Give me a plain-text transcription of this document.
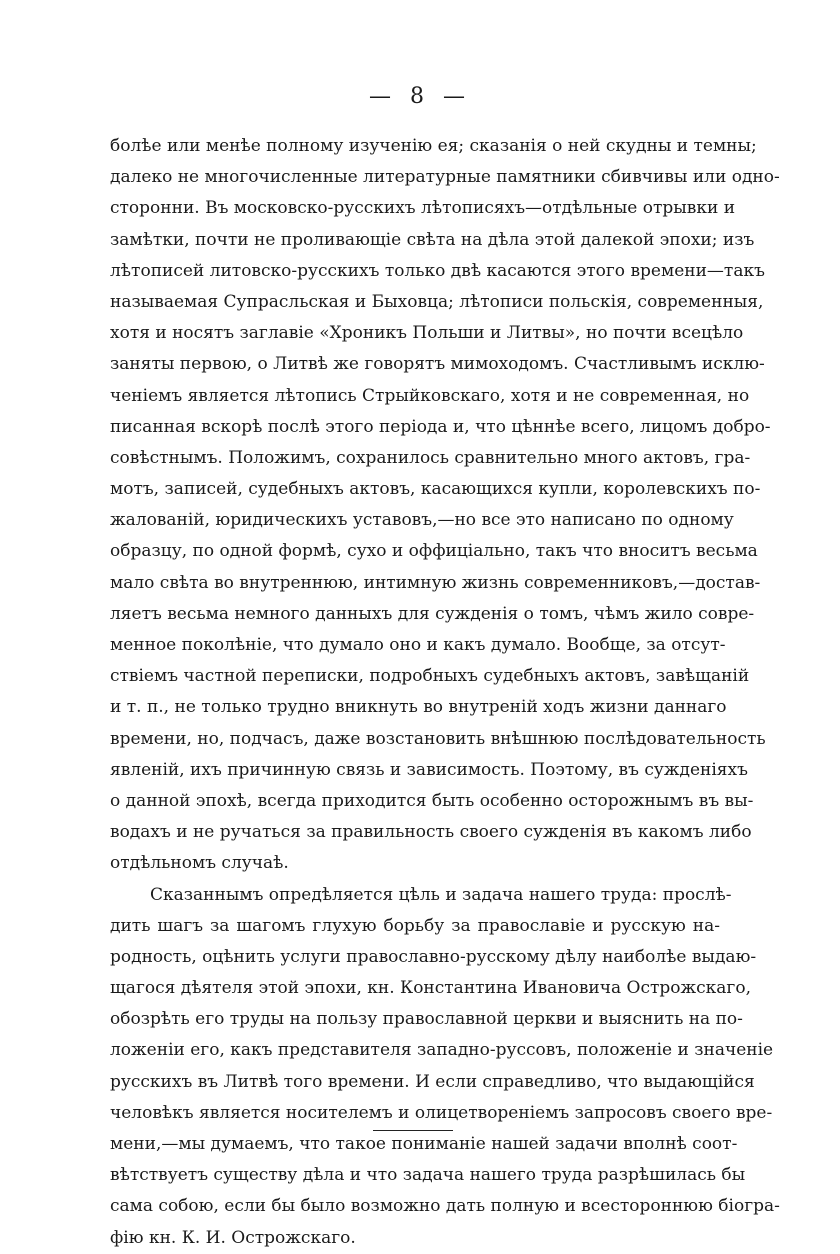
— 8 —
болѣе или менѣе полному изученію ея; сказанія о ней скудны и темны;
далеко не многочисленные литературные памятники сбивчивы или одно-
сторонни. Въ московско-русскихъ лѣтописяхъ—отдѣльные отрывки и
замѣтки, почти не проливающіе свѣта на дѣла этой далекой эпохи; изъ
лѣтописей литовско-русскихъ только двѣ касаются этого времени—такъ
называемая Супрасльская и Быховца; лѣтописи польскія, современныя,
хотя и носятъ заглавіе «Хроникъ Польши и Литвы», но почти всецѣло
заняты первою, о Литвѣ же говорятъ мимоходомъ. Счастливымъ исклю-
ченіемъ является лѣтопись Стрыйковскаго, хотя и не современная, но
писанная вскорѣ послѣ этого періода и, что цѣннѣе всего, лицомъ добро-
совѣстнымъ. Положимъ, сохранилось сравнительно много актовъ, гра-
мотъ, записей, судебныхъ актовъ, касающихся купли, королевскихъ по-
жалованій, юридическихъ уставовъ,—но все это написано по одному
образцу, по одной формѣ, сухо и оффиціально, такъ что вноситъ весьма
мало свѣта во внутреннюю, интимную жизнь современниковъ,—достав-
ляетъ весьма немного данныхъ для сужденія о томъ, чѣмъ жило совре-
менное поколѣніе, что думало оно и какъ думало. Вообще, за отсут-
ствіемъ частной переписки, подробныхъ судебныхъ актовъ, завѣщаній
и т. п., не только трудно вникнуть во внутреній ходъ жизни даннаго
времени, но, подчасъ, даже возстановить внѣшнюю послѣдовательность
явленій, ихъ причинную связь и зависимость. Поэтому, въ сужденіяхъ
о данной эпохѣ, всегда приходится быть особенно осторожнымъ въ вы-
водахъ и не ручаться за правильность своего сужденія въ какомъ либо
отдѣльномъ случаѣ.
Сказаннымъ опредѣляется цѣль и задача нашего труда: прослѣ-
дить шагъ за шагомъ глухую борьбу за православіе и русскую на-
родность, оцѣнить услуги православно-русскому дѣлу наиболѣе выдаю-
щагося дѣятеля этой эпохи, кн. Константина Ивановича Острожскаго,
обозрѣть его труды на пользу православной церкви и выяснить на по-
ложеніи его, какъ представителя западно-руссовъ, положеніе и значеніе
русскихъ въ Литвѣ того времени. И если справедливо, что выдающійся
человѣкъ является носителемъ и олицетвореніемъ запросовъ своего вре-
мени,—мы думаемъ, что такое пониманіе нашей задачи вполнѣ соот-
вѣтствуетъ существу дѣла и что задача нашего труда разрѣшилась бы
сама собою, если бы было возможно дать полную и всестороннюю біогра-
фію кн. К. И. Острожскаго.
